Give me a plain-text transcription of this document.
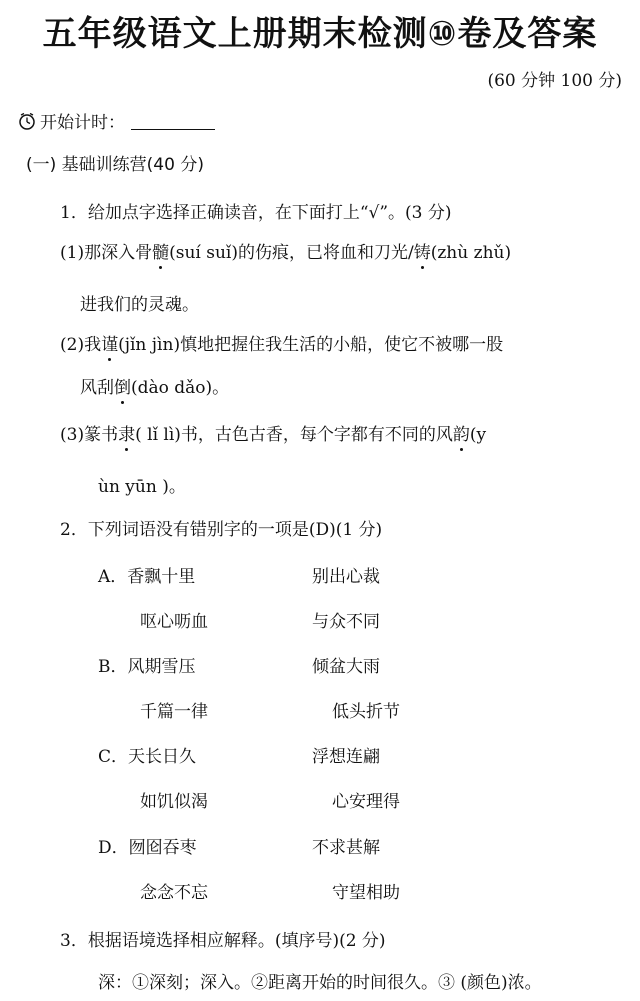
五年级语文上册期末检测⑩卷及答案
(60 分钟 100 分)
开始计时：
(一) 基础训练营(40 分)
1．给加点字选择正确读音，在下面打上“√”。(3 分)
(1)那深入骨髓(suí suǐ)的伤痕，已将血和刀光/铸(zhù zhǔ)
进我们的灵魂。
(2)我谨(jǐn jìn)慎地把握住我生活的小船，使它不被哪一股
风刮倒(dào dǎo)。
(3)篆书隶( lǐ lì)书，古色古香，每个字都有不同的风韵(y
ùn yūn )。
2．下列词语没有错别字的一项是(D)(1 分)
A．香飘十里	别出心裁
呕心呖血	与众不同
B．风期雪压	倾盆大雨
千篇一律	低头折节
C．天长日久	浮想连翩
如饥似渴	心安理得
D．囫囵吞枣	不求甚解
念念不忘	守望相助
3．根据语境选择相应解释。(填序号)(2 分)
深：①深刻；深入。②距离开始的时间很久。③ (颜色)浓。
